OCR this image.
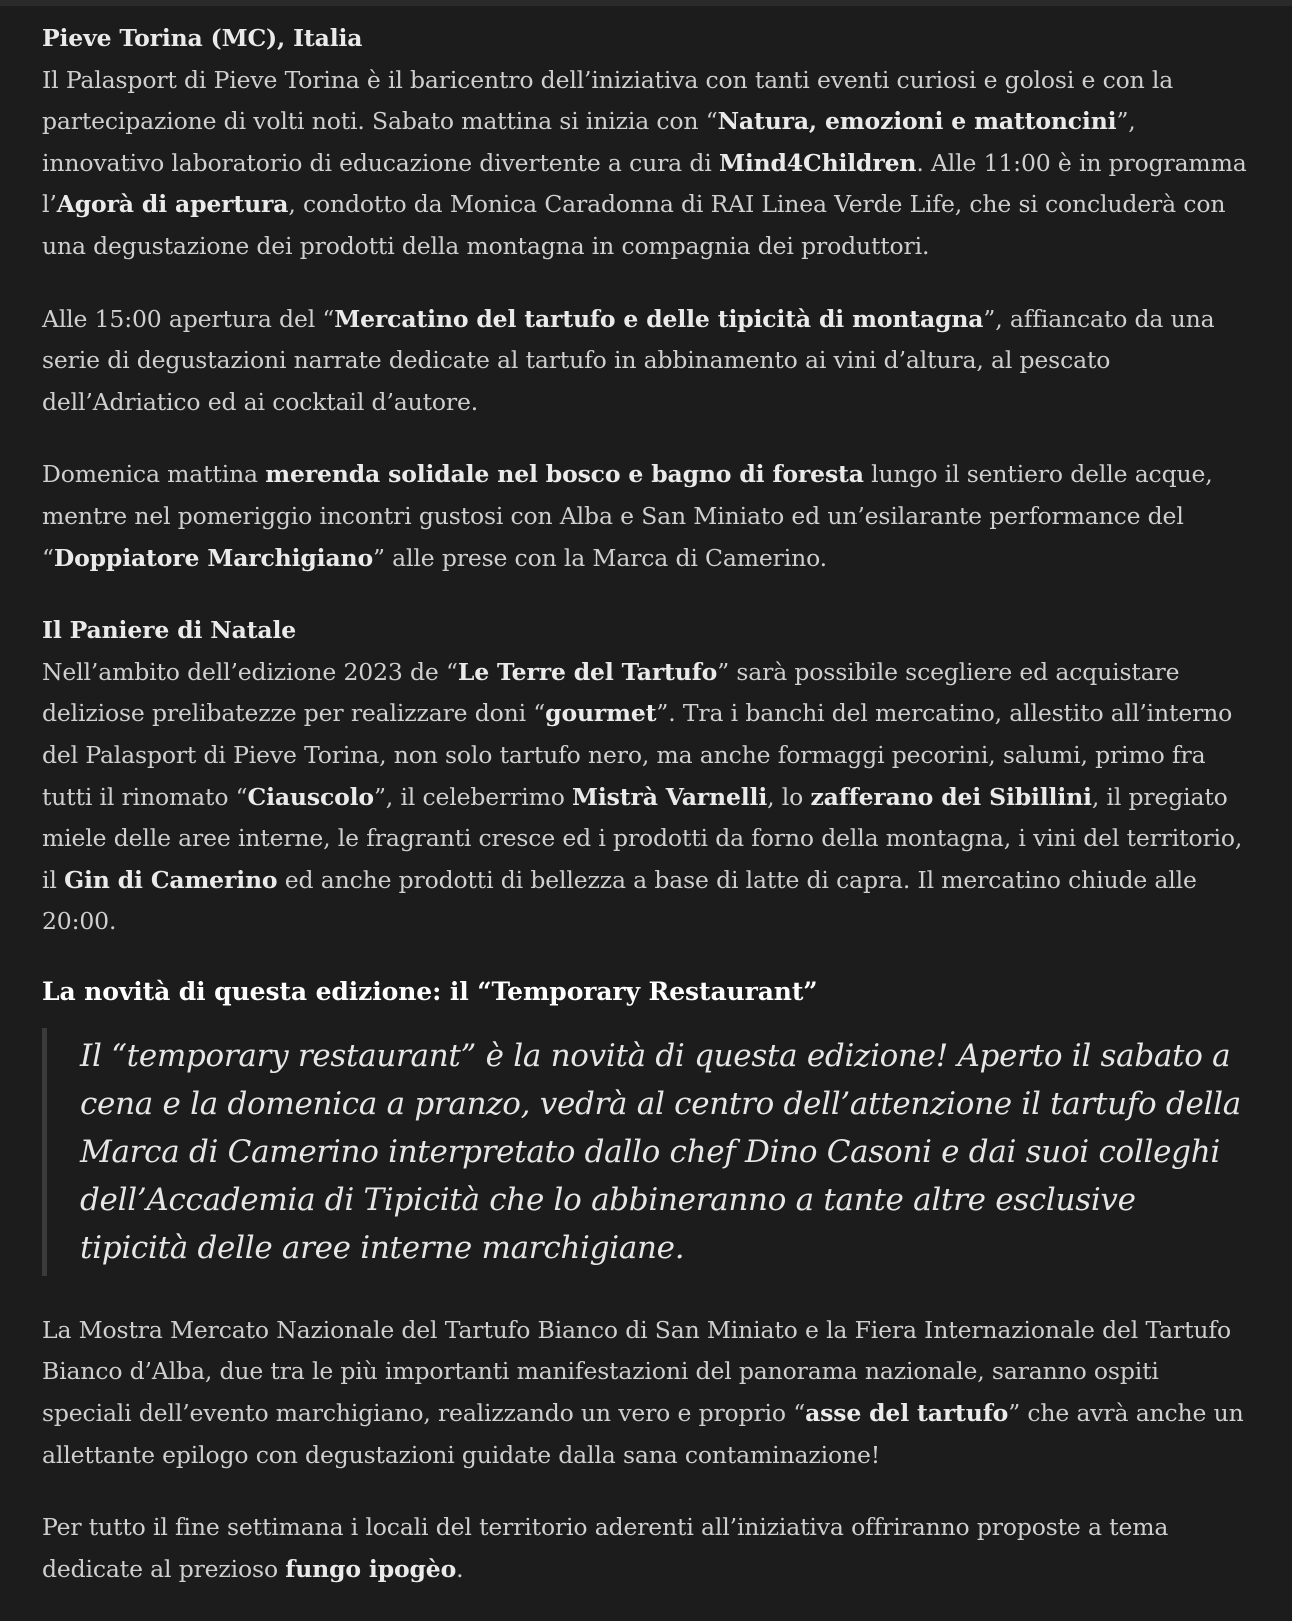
Pieve Torina (MC), Italia
Il Palasport di Pieve Torina è il baricentro dell’iniziativa con tanti eventi curiosi e golosi e con la partecipazione di volti noti. Sabato mattina si inizia con “Natura, emozioni e mattoncini”, innovativo laboratorio di educazione divertente a cura di Mind4Children. Alle 11:00 è in programma l’Agorà di apertura, condotto da Monica Caradonna di RAI Linea Verde Life, che si concluderà con una degustazione dei prodotti della montagna in compagnia dei produttori.

Alle 15:00 apertura del “Mercatino del tartufo e delle tipicità di montagna”, affiancato da una serie di degustazioni narrate dedicate al tartufo in abbinamento ai vini d’altura, al pescato dell’Adriatico ed ai cocktail d’autore.

Domenica mattina merenda solidale nel bosco e bagno di foresta lungo il sentiero delle acque, mentre nel pomeriggio incontri gustosi con Alba e San Miniato ed un’esilarante performance del “Doppiatore Marchigiano” alle prese con la Marca di Camerino.

Il Paniere di Natale
Nell’ambito dell’edizione 2023 de “Le Terre del Tartufo” sarà possibile scegliere ed acquistare deliziose prelibatezze per realizzare doni “gourmet”. Tra i banchi del mercatino, allestito all’interno del Palasport di Pieve Torina, non solo tartufo nero, ma anche formaggi pecorini, salumi, primo fra tutti il rinomato “Ciauscolo”, il celeberrimo Mistrà Varnelli, lo zafferano dei Sibillini, il pregiato miele delle aree interne, le fragranti cresce ed i prodotti da forno della montagna, i vini del territorio, il Gin di Camerino ed anche prodotti di bellezza a base di latte di capra. Il mercatino chiude alle 20:00.

La novità di questa edizione: il “Temporary Restaurant”
Il “temporary restaurant” è la novità di questa edizione! Aperto il sabato a cena e la domenica a pranzo, vedrà al centro dell’attenzione il tartufo della Marca di Camerino interpretato dallo chef Dino Casoni e dai suoi colleghi dell’Accademia di Tipicità che lo abbineranno a tante altre esclusive tipicità delle aree interne marchigiane.

La Mostra Mercato Nazionale del Tartufo Bianco di San Miniato e la Fiera Internazionale del Tartufo Bianco d’Alba, due tra le più importanti manifestazioni del panorama nazionale, saranno ospiti speciali dell’evento marchigiano, realizzando un vero e proprio “asse del tartufo” che avrà anche un allettante epilogo con degustazioni guidate dalla sana contaminazione!

Per tutto il fine settimana i locali del territorio aderenti all’iniziativa offriranno proposte a tema dedicate al prezioso fungo ipogèo.
